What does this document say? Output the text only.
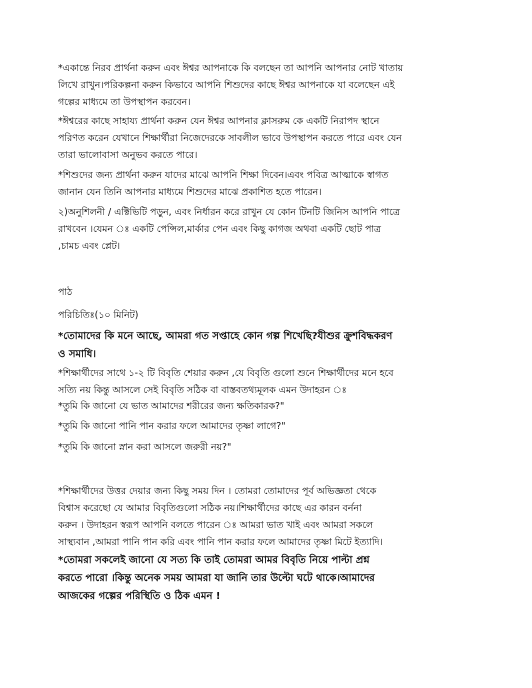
*একান্তে নিরব প্রার্থনা করুন এবং ঈশ্বর আপনাকে কি বলছেন তা আপনি আপনার নোট খাতায়
লিখে রাখুন।পরিকল্পনা করুন কিভাবে আপনি শিশুদের কাছে ঈশ্বর আপনাকে যা বলেছেন এই
গল্পের মাধ্যমে তা উপস্থাপন করবেন।
*ঈশ্বরের কাছে সাহায্য প্রার্থনা করুন যেন ঈশ্বর আপনার ক্লাসরুম কে একটি নিরাপদ স্থানে
পরিণত করেন যেখানে শিক্ষার্থীরা নিজেদেরকে সাবলীল ভাবে উপস্থাপন করতে পারে এবং যেন
তারা ভালোবাসা অনুভব করতে পারে।
*শিশুদের জন্য প্রার্থনা করুন যাদের মাঝে আপনি শিক্ষা দিবেন।এবং পবিত্র আত্মাকে স্বাগত
জানান যেন তিনি আপনার মাধ্যমে শিশুদের মাঝে প্রকাশিত হতে পারেন।
২)অনুশিলনী / এক্টিভিটি পড়ুন, এবং নির্ধারন করে রাখুন যে কোন টিনটি জিনিস আপনি পাত্রে
রাখবেন ।যেমন ঃ একটি পেন্সিল,মার্কার পেন এবং কিছু কাগজ অথবা একটি ছোট পাত্র
,চামচ এবং প্লেট।
পাঠ
পরিচিতিঃ(১০ মিনিট)
*তোমাদের কি মনে আছে, আমরা গত সপ্তাহে কোন গল্প শিখেছি?যীশুর ক্রুশবিদ্ধকরণ
ও সমাধি।
*শিক্ষার্থীদের সাথে ১-২ টি বিবৃতি শেয়ার করুন ,যে বিবৃতি গুলো শুনে শিক্ষার্থীদের মনে হবে
সত্যি নয় কিন্তু আসলে সেই বিবৃতি সঠিক বা বাস্তবতথ্যমূলক এমন উদাহরন ঃ
*তুমি কি জানো যে ভাত আমাদের শরীরের জন্য ক্ষতিকারক?"
*তুমি কি জানো পানি পান করার ফলে আমাদের তৃষ্ণা লাগে?"
*তুমি কি জানো স্নান করা আসলে জরুরী নয়?"
*শিক্ষার্থীদের উত্তর দেয়ার জন্য কিছু সময় দিন । তোমরা তোমাদের পূর্ব অভিজ্ঞতা থেকে
বিশ্বাস করেছো যে আমার বিবৃতিগুলো সঠিক নয়।শিক্ষার্থীদের কাছে এর কারন বর্ননা
করুন । উদাহরন স্বরূপ আপনি বলতে পারেন ঃ আমরা ভাত খাই এবং আমরা সকলে
সাস্থ্যবান ,আমরা পানি পান করি এবং পানি পান করার ফলে আমাদের তৃষ্ণা মিটে ইত্যাদি।
*তোমরা সকলেই জানো যে সত্য কি তাই তোমরা আমর বিবৃতি নিয়ে পাল্টা প্রশ্ন
করতে পারো ।কিন্তু অনেক সময় আমরা যা জানি তার উল্টো ঘটে থাকে।আমাদের
আজকের গল্পের পরিস্থিতি ও ঠিক এমন !
